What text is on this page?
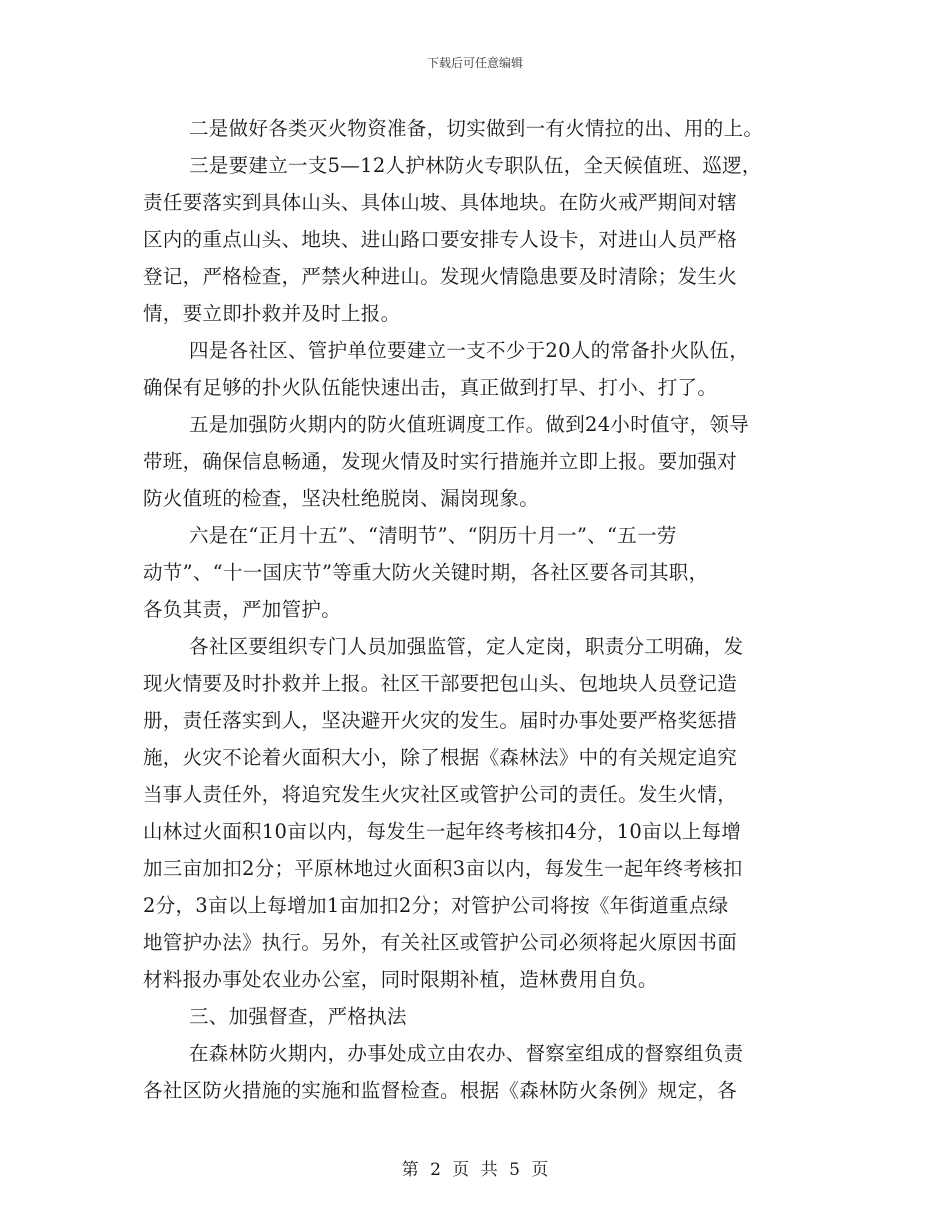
下载后可任意编辑
二是做好各类灭火物资准备，切实做到一有火情拉的出、用的上。
三是要建立一支5—12人护林防火专职队伍，全天候值班、巡逻，
责任要落实到具体山头、具体山坡、具体地块。在防火戒严期间对辖
区内的重点山头、地块、进山路口要安排专人设卡，对进山人员严格
登记，严格检查，严禁火种进山。发现火情隐患要及时清除；发生火
情，要立即扑救并及时上报。
四是各社区、管护单位要建立一支不少于20人的常备扑火队伍，
确保有足够的扑火队伍能快速出击，真正做到打早、打小、打了。
五是加强防火期内的防火值班调度工作。做到24小时值守，领导
带班，确保信息畅通，发现火情及时实行措施并立即上报。要加强对
防火值班的检查，坚决杜绝脱岗、漏岗现象。
六是在“正月十五”、“清明节”、“阴历十月一”、“五一劳
动节”、“十一国庆节”等重大防火关键时期，各社区要各司其职，
各负其责，严加管护。
各社区要组织专门人员加强监管，定人定岗，职责分工明确，发
现火情要及时扑救并上报。社区干部要把包山头、包地块人员登记造
册，责任落实到人，坚决避开火灾的发生。届时办事处要严格奖惩措
施，火灾不论着火面积大小，除了根据《森林法》中的有关规定追究
当事人责任外，将追究发生火灾社区或管护公司的责任。发生火情，
山林过火面积10亩以内，每发生一起年终考核扣4分，10亩以上每增
加三亩加扣2分；平原林地过火面积3亩以内，每发生一起年终考核扣
2分，3亩以上每增加1亩加扣2分；对管护公司将按《年街道重点绿
地管护办法》执行。另外，有关社区或管护公司必须将起火原因书面
材料报办事处农业办公室，同时限期补植，造林费用自负。
三、加强督查，严格执法
在森林防火期内，办事处成立由农办、督察室组成的督察组负责
各社区防火措施的实施和监督检查。根据《森林防火条例》规定，各
第 2 页 共 5 页
